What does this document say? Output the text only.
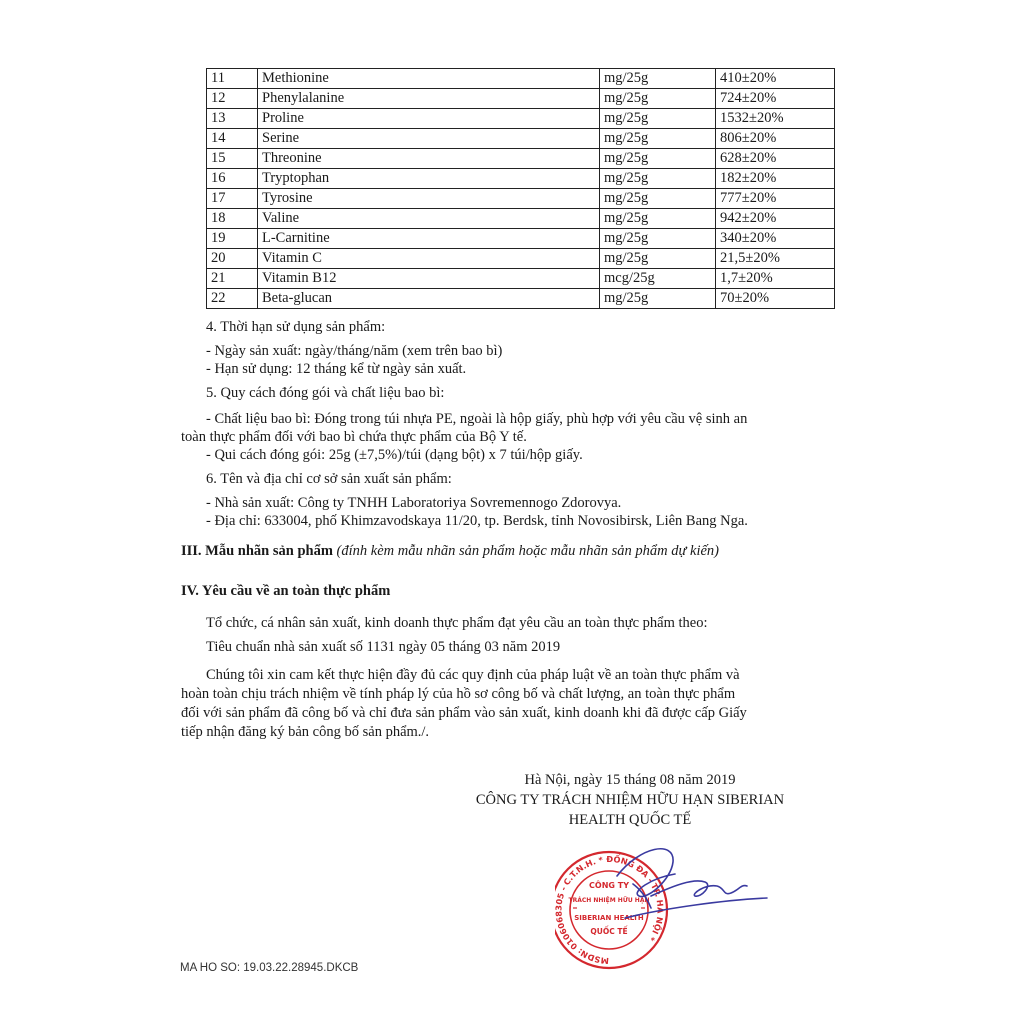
11	Methionine	mg/25g	410±20%
12	Phenylalanine	mg/25g	724±20%
13	Proline	mg/25g	1532±20%
14	Serine	mg/25g	806±20%
15	Threonine	mg/25g	628±20%
16	Tryptophan	mg/25g	182±20%
17	Tyrosine	mg/25g	777±20%
18	Valine	mg/25g	942±20%
19	L-Carnitine	mg/25g	340±20%
20	Vitamin C	mg/25g	21,5±20%
21	Vitamin B12	mcg/25g	1,7±20%
22	Beta-glucan	mg/25g	70±20%
4. Thời hạn sử dụng sản phẩm:
- Ngày sản xuất: ngày/tháng/năm (xem trên bao bì)
- Hạn sử dụng: 12 tháng kể từ ngày sản xuất.
5. Quy cách đóng gói và chất liệu bao bì:
- Chất liệu bao bì: Đóng trong túi nhựa PE, ngoài là hộp giấy, phù hợp với yêu cầu vệ sinh an
toàn thực phẩm đối với bao bì chứa thực phẩm của Bộ Y tế.
- Qui cách đóng gói: 25g (±7,5%)/túi (dạng bột) x 7 túi/hộp giấy.
6. Tên và địa chỉ cơ sở sản xuất sản phẩm:
- Nhà sản xuất: Công ty TNHH Laboratoriya Sovremennogo Zdorovya.
- Địa chỉ: 633004, phố Khimzavodskaya 11/20, tp. Berdsk, tỉnh Novosibirsk, Liên Bang Nga.
III. Mẫu nhãn sản phẩm (đính kèm mẫu nhãn sản phẩm hoặc mẫu nhãn sản phẩm dự kiến)
IV. Yêu cầu về an toàn thực phẩm
Tổ chức, cá nhân sản xuất, kinh doanh thực phẩm đạt yêu cầu an toàn thực phẩm theo:
Tiêu chuẩn nhà sản xuất số 1131 ngày 05 tháng 03 năm 2019
Chúng tôi xin cam kết thực hiện đầy đủ các quy định của pháp luật về an toàn thực phẩm và
hoàn toàn chịu trách nhiệm về tính pháp lý của hồ sơ công bố và chất lượng, an toàn thực phẩm
đối với sản phẩm đã công bố và chỉ đưa sản phẩm vào sản xuất, kinh doanh khi đã được cấp Giấy
tiếp nhận đăng ký bản công bố sản phẩm./.
Hà Nội, ngày 15 tháng 08 năm 2019
CÔNG TY TRÁCH NHIỆM HỮU HẠN SIBERIAN
HEALTH QUỐC TẾ
MSDN: 010606 5 - C.T.N.H. * ĐỐNG ĐA - TP. HÀ NỘI *
CÔNG TY
TRÁCH NHIỆM HỮU HẠN
SIBERIAN HEALTH
QUỐC TẾ
MA HO SO: 19.03.22.28945.DKCB
